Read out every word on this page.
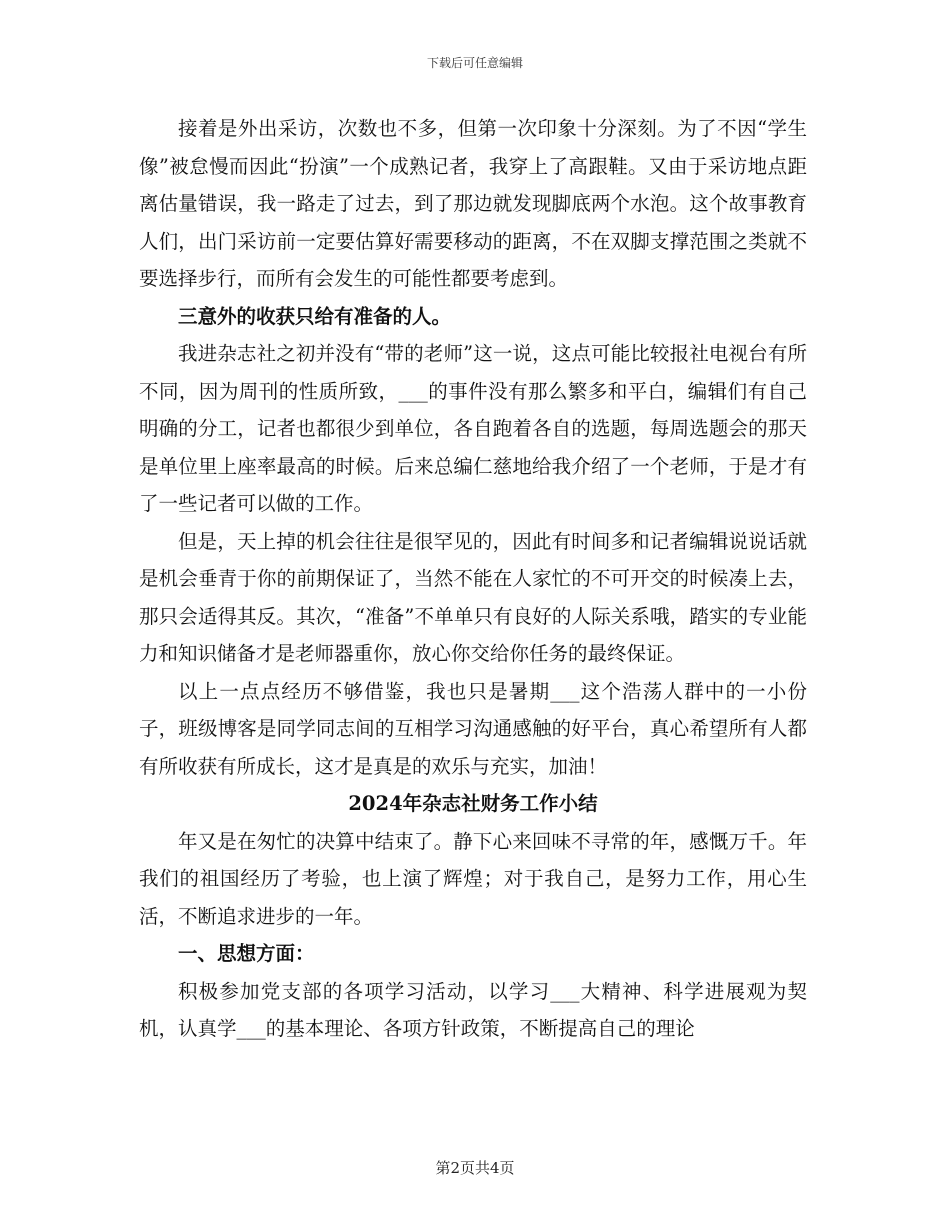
下载后可任意编辑

接着是外出采访，次数也不多，但第一次印象十分深刻。为了不因“学生像”被怠慢而因此“扮演”一个成熟记者，我穿上了高跟鞋。又由于采访地点距离估量错误，我一路走了过去，到了那边就发现脚底两个水泡。这个故事教育人们，出门采访前一定要估算好需要移动的距离，不在双脚支撑范围之类就不要选择步行，而所有会发生的可能性都要考虑到。

三意外的收获只给有准备的人。

我进杂志社之初并没有“带的老师”这一说，这点可能比较报社电视台有所不同，因为周刊的性质所致，___的事件没有那么繁多和平白，编辑们有自己明确的分工，记者也都很少到单位，各自跑着各自的选题，每周选题会的那天是单位里上座率最高的时候。后来总编仁慈地给我介绍了一个老师，于是才有了一些记者可以做的工作。

但是，天上掉的机会往往是很罕见的，因此有时间多和记者编辑说说话就是机会垂青于你的前期保证了，当然不能在人家忙的不可开交的时候凑上去，那只会适得其反。其次，“准备”不单单只有良好的人际关系哦，踏实的专业能力和知识储备才是老师器重你，放心你交给你任务的最终保证。

以上一点点经历不够借鉴，我也只是暑期___这个浩荡人群中的一小份子，班级博客是同学同志间的互相学习沟通感触的好平台，真心希望所有人都有所收获有所成长，这才是真是的欢乐与充实，加油！

2024年杂志社财务工作小结

年又是在匆忙的决算中结束了。静下心来回味不寻常的年，感慨万千。年我们的祖国经历了考验，也上演了辉煌；对于我自己，是努力工作，用心生活，不断追求进步的一年。

一、思想方面：

积极参加党支部的各项学习活动，以学习___大精神、科学进展观为契机，认真学___的基本理论、各项方针政策，不断提高自己的理论

第2页共4页
